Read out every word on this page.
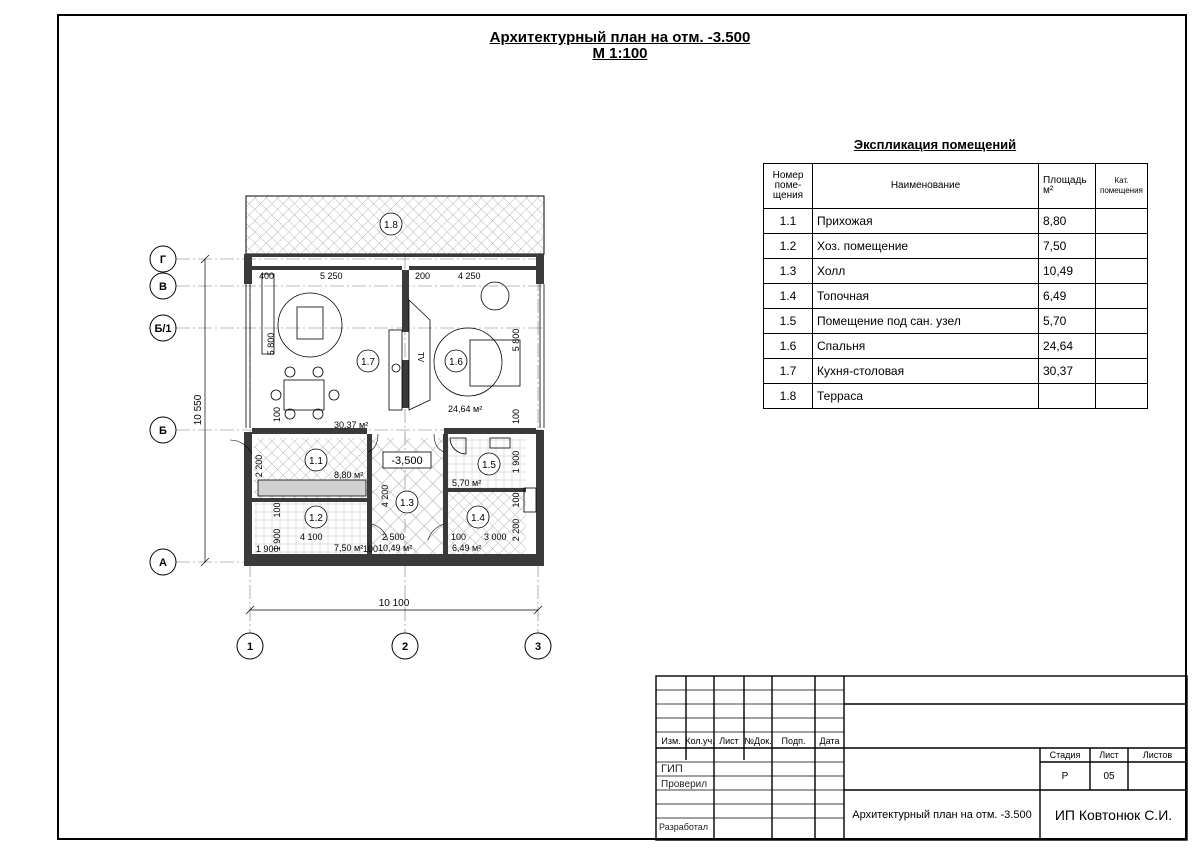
Архитектурный план на отм. -3.500
М 1:100
Экспликация помещений
Номер поме-щения	Наименование	Площадь м²	Кат. помещения
1.1	Прихожая	8,80	
1.2	Хоз. помещение	7,50	
1.3	Холл	10,49	
1.4	Топочная	6,49	
1.5	Помещение под сан. узел	5,70	
1.6	Спальня	24,64	
1.7	Кухня-столовая	30,37	
1.8	Терраса		
TV
1.8
1.7	1.6
1.1	1.5
1.3
1.2	1.4
-3,500
30,37 м²
24,64 м²
8,80 м²
5,70 м²
7,50 м² 10,49 м²	6,49 м²
400	5 250	200	4 250
5 800	5 800
100	100
2 200
100
1 900 4 100
4 200
2 500	100 3 000
1 900
2 200
100
1 900	100
10 100
10 550
Г
В
Б/1
Б
А
1	2	3
Изм. Кол.уч. Лист №Док.	Подп.	Дата
ГИП
Проверил
Разработал
Стадия	Лист	Листов
Р	05
Архитектурный план на отм. -3.500	ИП Ковтонюк С.И.
